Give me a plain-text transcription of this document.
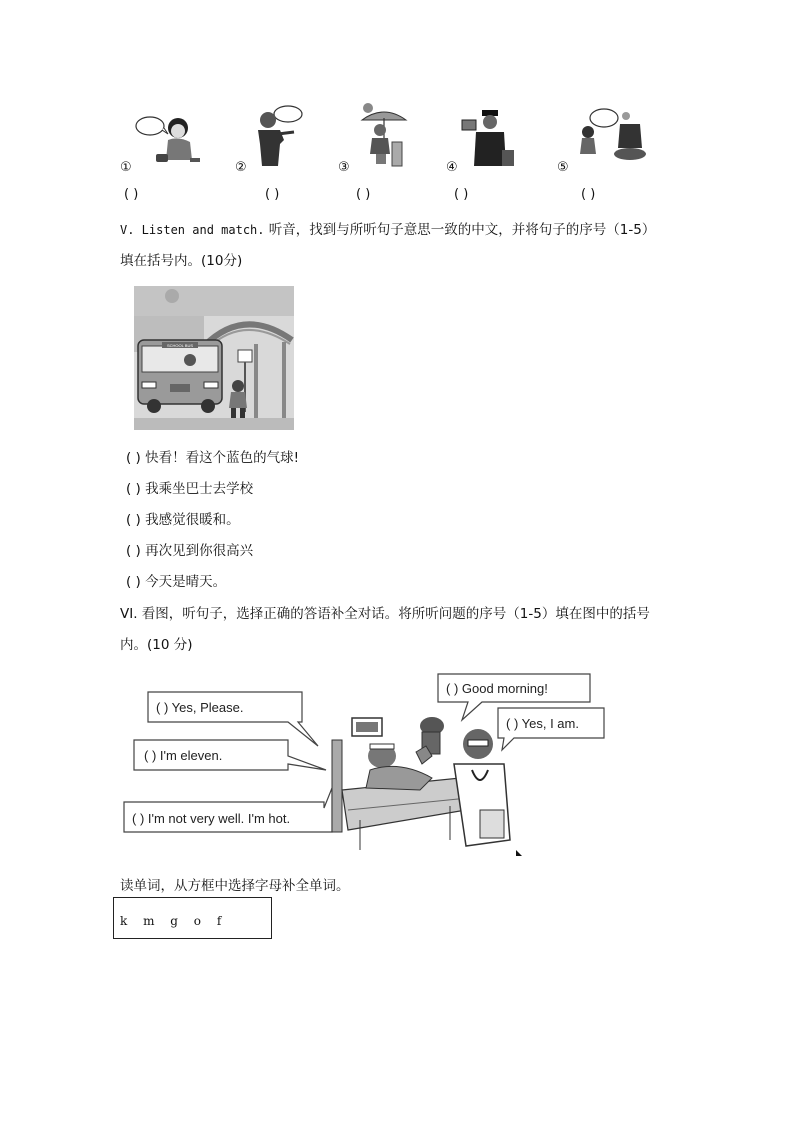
①	②	③	④	⑤
( )	( )	( )	( )	( )
V. Listen and match. 听音，找到与所听句子意思一致的中文，并将句子的序号（1-5）
填在括号内。(10分)
SCHOOL BUS
( ) 快看！看这个蓝色的气球!
( ) 我乘坐巴士去学校
( ) 我感觉很暖和。
( ) 再次见到你很高兴
( ) 今天是晴天。
VI. 看图，听句子，选择正确的答语补全对话。将所听问题的序号（1-5）填在图中的括号
内。(10 分)
( ) Yes, Please.
( ) I'm eleven.
( ) I'm not very well. I'm hot.
( ) Good morning!
( ) Yes, I am.
读单词，从方框中选择字母补全单词。
k m g o f
